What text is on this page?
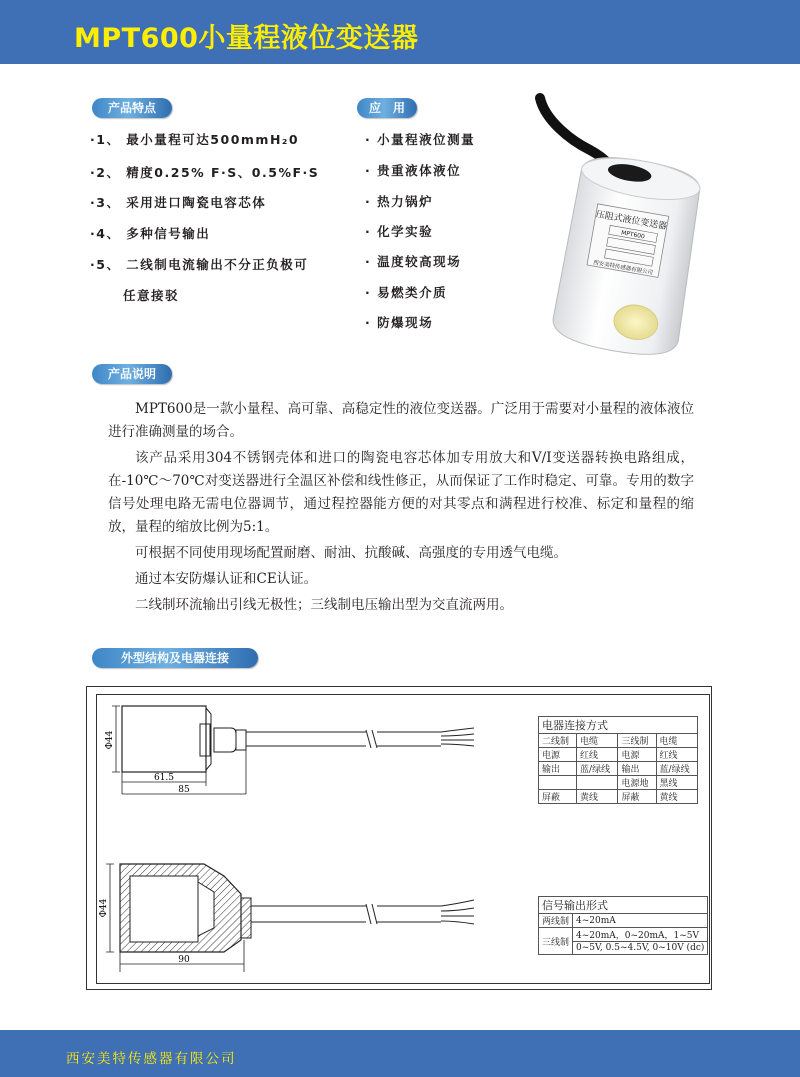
MPT600小量程液位变送器
产品特点	应　用
产品说明
外型结构及电器连接
·1、 最小量程可达500mmH₂0
·2、 精度0.25% F·S、0.5%F·S
·3、 采用进口陶瓷电容芯体
·4、 多种信号输出
·5、 二线制电流输出不分正负极可
任意接驳
· 小量程液位测量
· 贵重液体液位
· 热力锅炉
· 化学实验
· 温度较高现场
· 易燃类介质
· 防爆现场
压阻式液位变送器
MPT600
西安美特传感器有限公司

MPT600是一款小量程、高可靠、高稳定性的液位变送器。广泛用于需要对小量程的液体液位进行准确测量的场合。

该产品采用304不锈钢壳体和进口的陶瓷电容芯体加专用放大和V/I变送器转换电路组成， 在-10℃～70℃对变送器进行全温区补偿和线性修正，从而保证了工作时稳定、可靠。专用的数字信号处理电路无需电位器调节，通过程控器能方便的对其零点和满程进行校准、标定和量程的缩放，量程的缩放比例为5:1。

可根据不同使用现场配置耐磨、耐油、抗酸碱、高强度的专用透气电缆。

通过本安防爆认证和CE认证。

二线制环流输出引线无极性；三线制电压输出型为交直流两用。

Φ44
61.5
85
Φ44
90
电器连接方式			
二线制	电缆	三线制	电缆
电源	红线	电源	红线
输出	蓝/绿线	输出	蓝/绿线
		电源地	黑线
屏蔽	黄线	屏蔽	黄线
信号输出形式	
两线制	4~20mA
三线制	4~20mA，0~20mA，1~5V
	0~5V, 0.5~4.5V, 0~10V (dc)
西安美特传感器有限公司
